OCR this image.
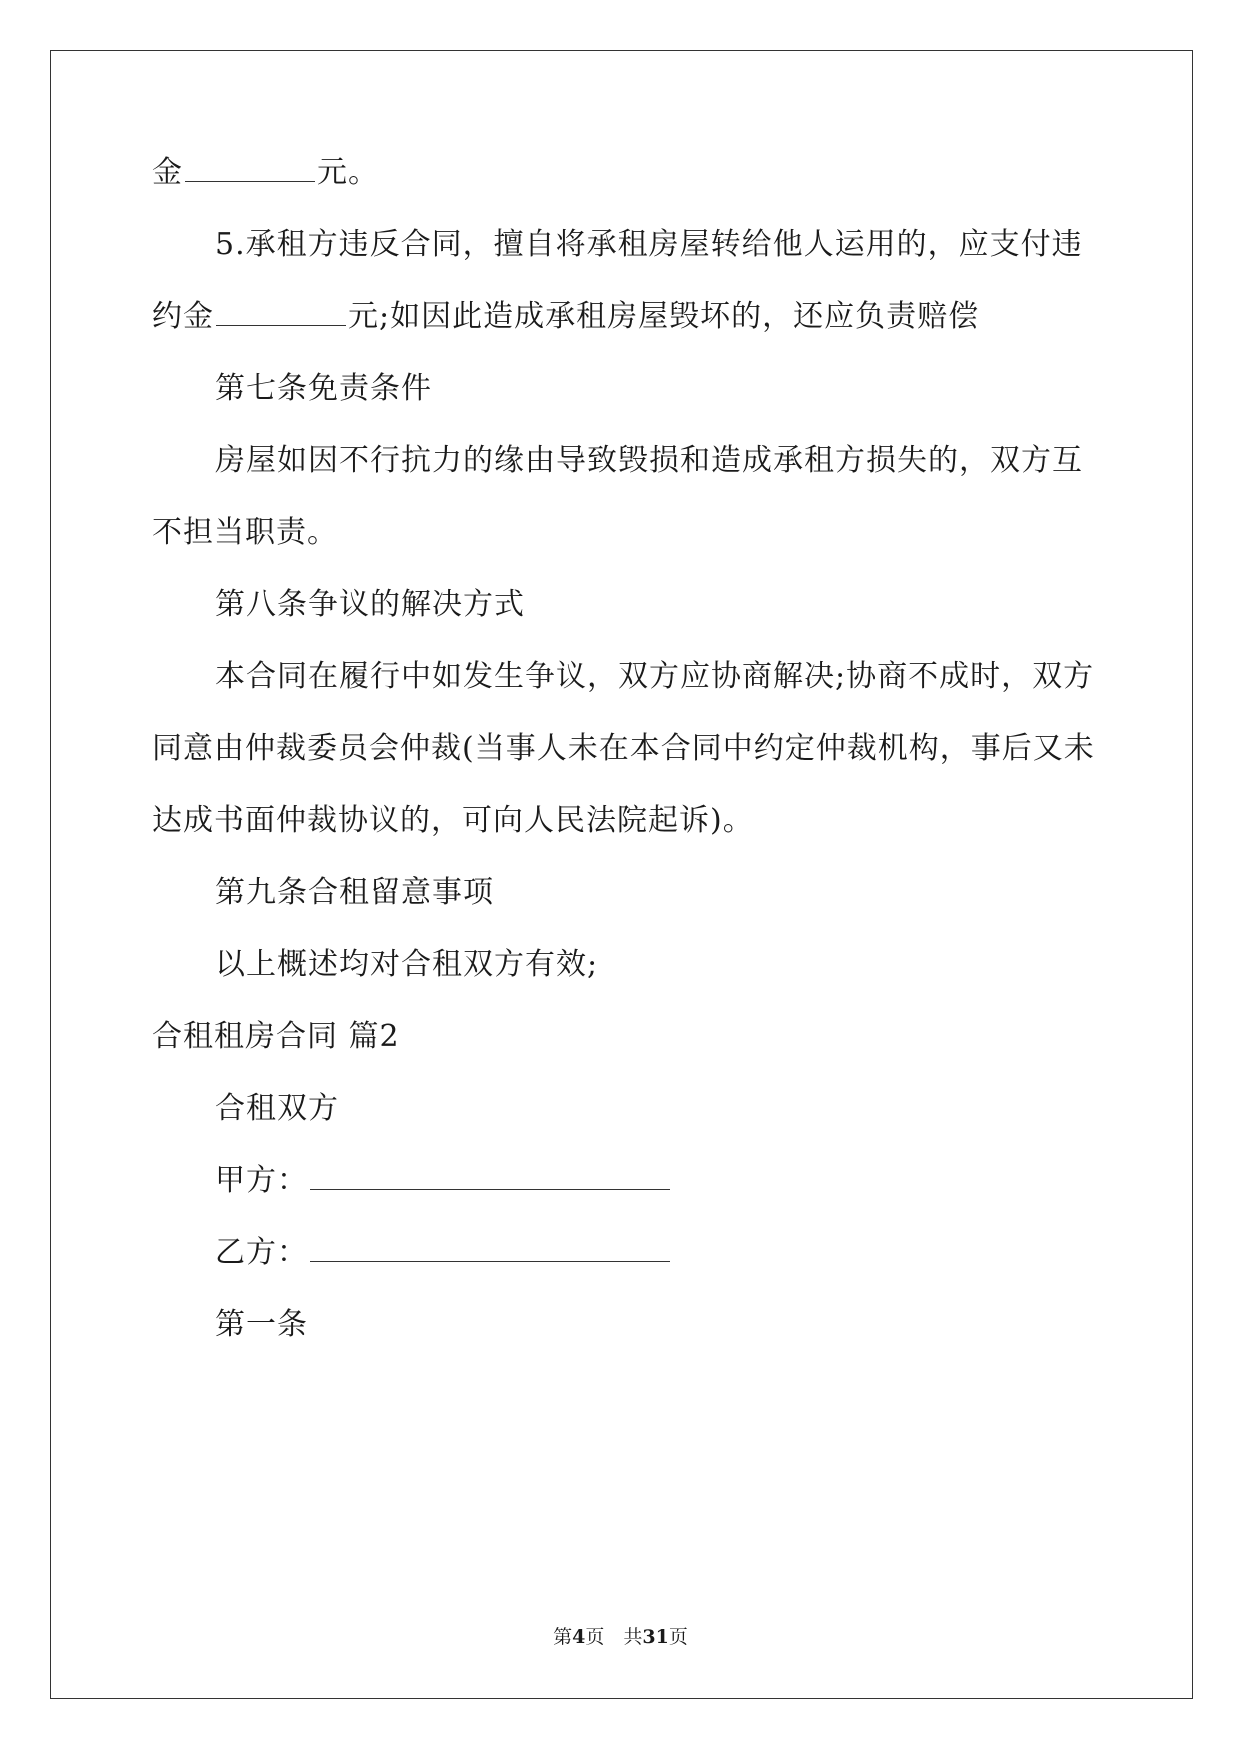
金	元。
5.承租方违反合同，擅自将承租房屋转给他人运用的，应支付违
约金	元;如因此造成承租房屋毁坏的，还应负责赔偿
第七条免责条件
房屋如因不行抗力的缘由导致毁损和造成承租方损失的，双方互
不担当职责。
第八条争议的解决方式
本合同在履行中如发生争议，双方应协商解决;协商不成时，双方
同意由仲裁委员会仲裁(当事人未在本合同中约定仲裁机构，事后又未
达成书面仲裁协议的，可向人民法院起诉)。
第九条合租留意事项
以上概述均对合租双方有效;
合租租房合同 篇2
合租双方
甲方：
乙方：
第一条
第4页　共31页
